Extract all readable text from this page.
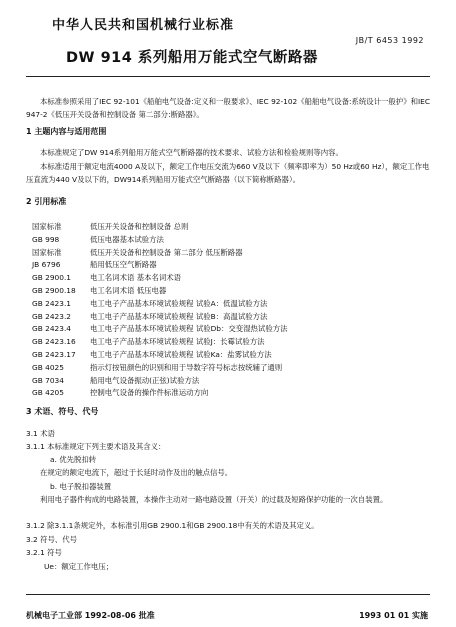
中华人民共和国机械行业标准
JB/T 6453 1992
DW 914 系列船用万能式空气断路器
本标准参照采用了IEC 92-101《船舶电气设备:定义和一般要求》、IEC 92-102《船舶电气设备:系统设计一般护》和IEC 947-2《低压开关设备和控制设备 第二部分:断路器》。
1 主题内容与适用范围
本标准规定了DW 914系列船用万能式空气断路器的技术要求、试验方法和检验规则等内容。
本标准适用于额定电流4000 A及以下，额定工作电压交流为660 V及以下（频率即率为）50 Hz或60 Hz），额定工作电压直流为440 V及以下的，DW914系列船用万能式空气断路器（以下简称断路器）。
2 引用标准
国家标准	低压开关设备和控制设备 总则
GB 998	低压电器基本试验方法
国家标准	低压开关设备和控制设备 第二部分 低压断路器
JB 6796	船用低压空气断路器
GB 2900.1	电工名词术语 基本名词术语
GB 2900.18 电工名词术语 低压电器
GB 2423.1	电工电子产品基本环境试验规程 试验A：低温试验方法
GB 2423.2	电工电子产品基本环境试验规程 试验B：高温试验方法
GB 2423.4	电工电子产品基本环境试验规程 试验Db：交变湿热试验方法
GB 2423.16 电工电子产品基本环境试验规程 试验J：长霉试验方法
GB 2423.17 电工电子产品基本环境试验规程 试验Ka：盐雾试验方法
GB 4025	指示灯按钮颜色的识别和用于导数字符号标志按统辅了通则
GB 7034	船用电气设备振动(正弦)试验方法
GB 4205	控制电气设备的操作件标准运动方向
3 术语、符号、代号
3.1 术语
3.1.1 本标准规定下列主要术语及其含义：
a. 优先脱扣转
在规定的额定电流下，超过于长延时动作及出的触点信号。
b. 电子脱扣器装置
利用电子器件构成的电路装置，本操作主动对一路电路设置（开关）的过载及短路保护功能的一次自装置。
3.1.2 除3.1.1条规定外，本标准引用GB 2900.1和GB 2900.18中有关的术语及其定义。
3.2 符号、代号
3.2.1 符号
Ue：额定工作电压；
机械电子工业部 1992-08-06 批准	1993 01 01 实施
